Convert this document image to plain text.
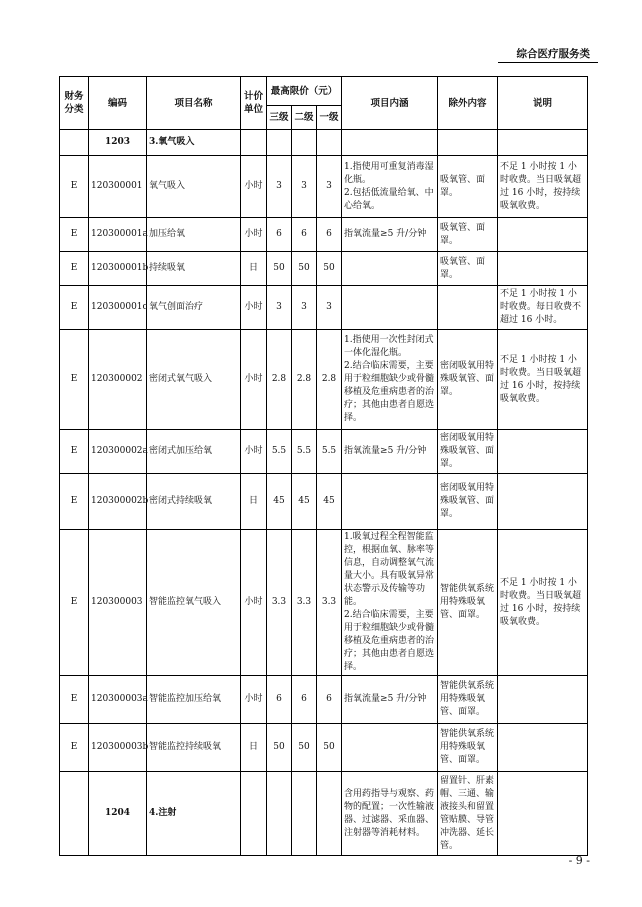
综合医疗服务类
财务分类	编码	项目名称	计价单位	最高限价（元）			项目内涵	除外内容	说明
				三级	二级	一级			
	1203	3.氧气吸入							
E	120300001	氧气吸入	小时	3	3	3	1.指使用可重复消毒湿化瓶。
2.包括低流量给氧、中心给氧。	吸氧管、面罩。	不足 1 小时按 1 小时收费。当日吸氧超过 16 小时，按持续吸氧收费。
E	120300001a	加压给氧	小时	6	6	6	指氧流量≥5 升/分钟	吸氧管、面罩。	
E	120300001b	持续吸氧	日	50	50	50		吸氧管、面罩。	
E	120300001c	氧气创面治疗	小时	3	3	3			不足 1 小时按 1 小时收费。每日收费不超过 16 小时。
E	120300002	密闭式氧气吸入	小时	2.8	2.8	2.8	1.指使用一次性封闭式一体化湿化瓶。
2.结合临床需要，主要用于粒细胞缺少或骨髓移植及危重病患者的治疗；其他由患者自愿选择。	密闭吸氧用特殊吸氧管、面罩。	不足 1 小时按 1 小时收费。当日吸氧超过 16 小时，按持续吸氧收费。
E	120300002a	密闭式加压给氧	小时	5.5	5.5	5.5	指氧流量≥5 升/分钟	密闭吸氧用特殊吸氧管、面罩。	
E	120300002b	密闭式持续吸氧	日	45	45	45		密闭吸氧用特殊吸氧管、面罩。	
E	120300003	智能监控氧气吸入	小时	3.3	3.3	3.3	1.吸氧过程全程智能监控，根据血氧、脉率等信息，自动调整氧气流量大小。具有吸氧异常状态警示及传输等功能。
2.结合临床需要，主要用于粒细胞缺少或骨髓移植及危重病患者的治疗；其他由患者自愿选择。	智能供氧系统用特殊吸氧管、面罩。	不足 1 小时按 1 小时收费。当日吸氧超过 16 小时，按持续吸氧收费。
E	120300003a	智能监控加压给氧	小时	6	6	6	指氧流量≥5 升/分钟	智能供氧系统用特殊吸氧管、面罩。	
E	120300003b	智能监控持续吸氧	日	50	50	50		智能供氧系统用特殊吸氧管、面罩。	
	1204	4.注射					含用药指导与观察、药物的配置；一次性输液器、过滤器、采血器、注射器等消耗材料。	留置针、肝素帽、三通、输液接头和留置管贴膜、导管冲洗器、延长管。	
- 9 -
